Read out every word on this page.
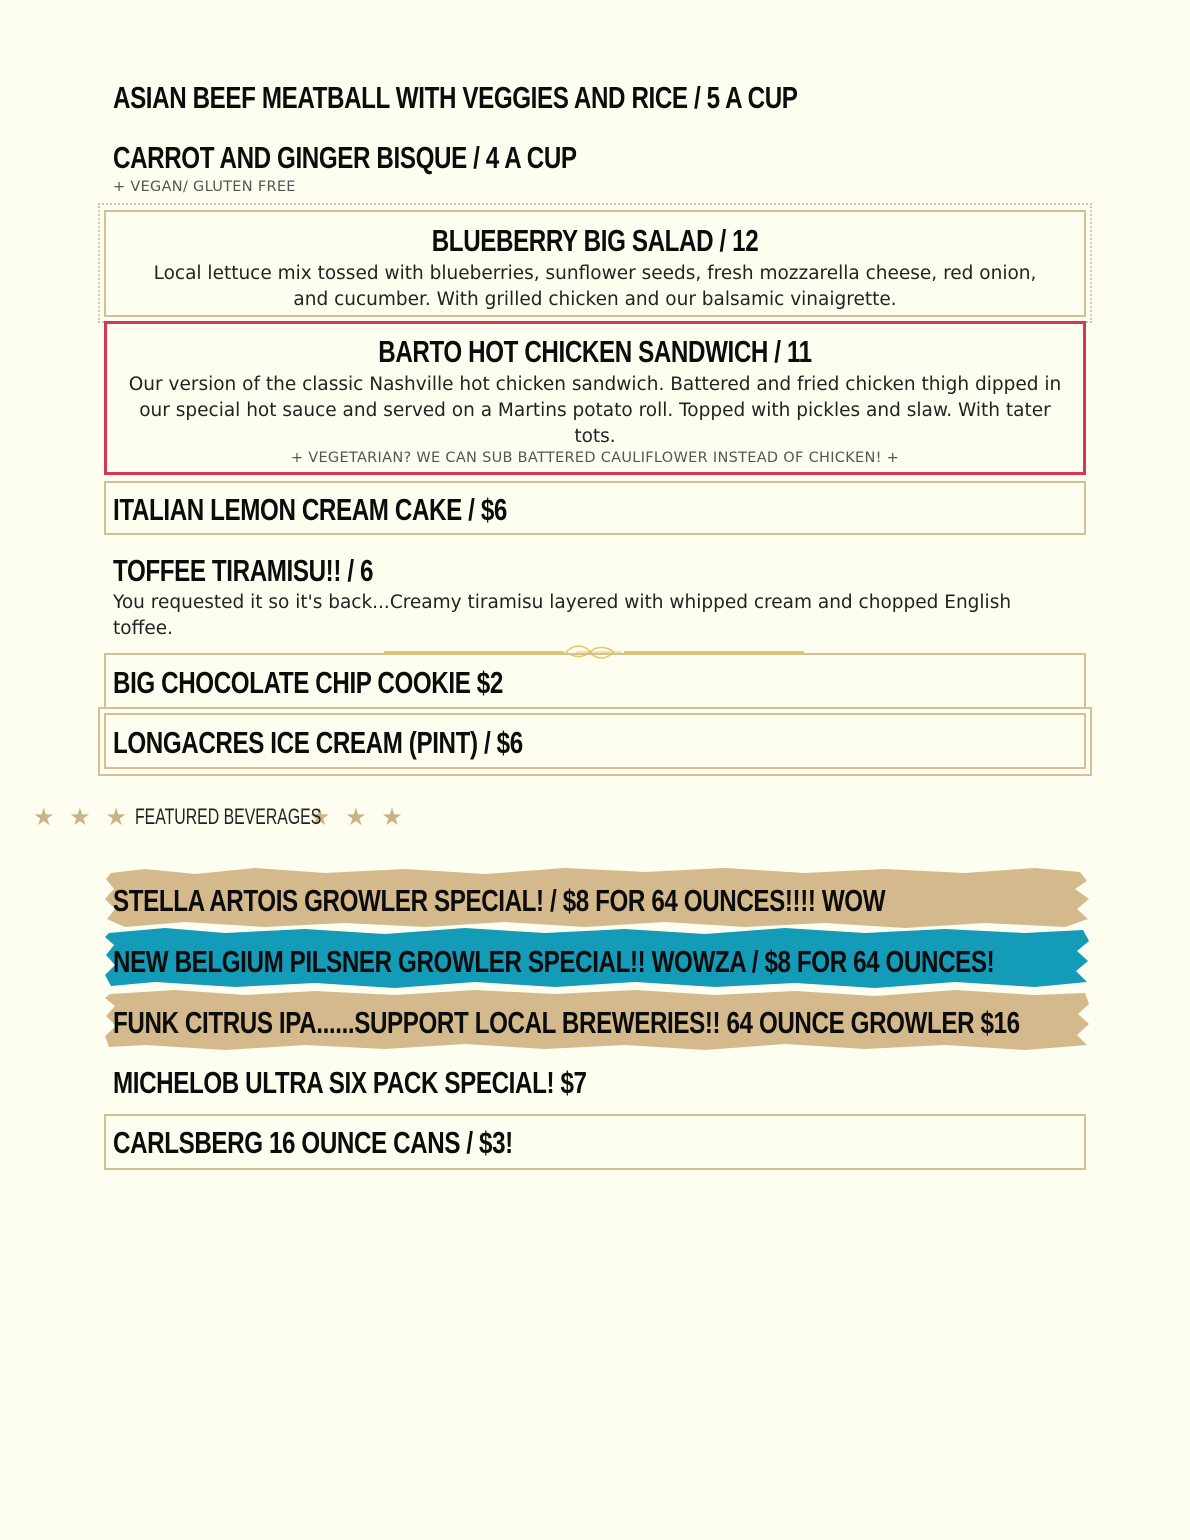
ASIAN BEEF MEATBALL WITH VEGGIES AND RICE / 5 A CUP
CARROT AND GINGER BISQUE / 4 A CUP
+ VEGAN/ GLUTEN FREE
BLUEBERRY BIG SALAD / 12
Local lettuce mix tossed with blueberries, sunflower seeds, fresh mozzarella cheese, red onion, and cucumber. With grilled chicken and our balsamic vinaigrette.
BARTO HOT CHICKEN SANDWICH / 11
Our version of the classic Nashville hot chicken sandwich. Battered and fried chicken thigh dipped in our special hot sauce and served on a Martins potato roll. Topped with pickles and slaw. With tater tots.
+ VEGETARIAN? WE CAN SUB BATTERED CAULIFLOWER INSTEAD OF CHICKEN! +
ITALIAN LEMON CREAM CAKE / $6
TOFFEE TIRAMISU!! / 6
You requested it so it's back...Creamy tiramisu layered with whipped cream and chopped English toffee.
BIG CHOCOLATE CHIP COOKIE $2
LONGACRES ICE CREAM (PINT) / $6
★ ★ ★ FEATURED BEVERAGES
★ ★ ★
STELLA ARTOIS GROWLER SPECIAL! / $8 FOR 64 OUNCES!!!! WOW
NEW BELGIUM PILSNER GROWLER SPECIAL!! WOWZA / $8 FOR 64 OUNCES!
FUNK CITRUS IPA......SUPPORT LOCAL BREWERIES!! 64 OUNCE GROWLER $16
MICHELOB ULTRA SIX PACK SPECIAL! $7
CARLSBERG 16 OUNCE CANS / $3!
